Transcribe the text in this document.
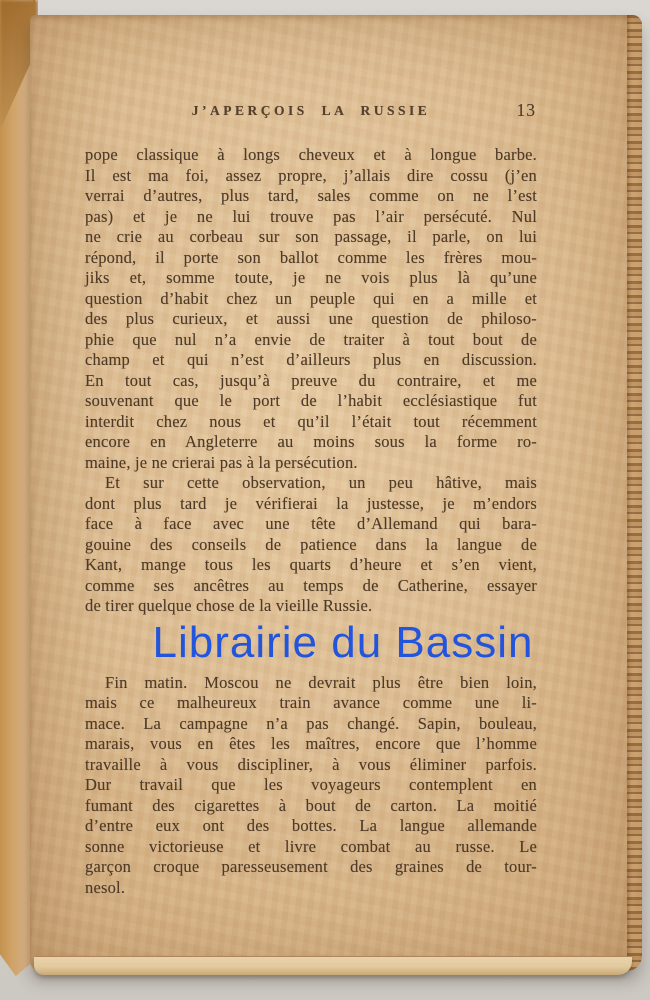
J’APERÇOIS LA RUSSIE	13
pope classique à longs cheveux et à longue barbe.
Il est ma foi, assez propre, j’allais dire cossu (j’en
verrai d’autres, plus tard, sales comme on ne l’est
pas) et je ne lui trouve pas l’air persécuté. Nul
ne crie au corbeau sur son passage, il parle, on lui
répond, il porte son ballot comme les frères mou-
jiks et, somme toute, je ne vois plus là qu’une
question d’habit chez un peuple qui en a mille et
des plus curieux, et aussi une question de philoso-
phie que nul n’a envie de traiter à tout bout de
champ et qui n’est d’ailleurs plus en discussion.
En tout cas, jusqu’à preuve du contraire, et me
souvenant que le port de l’habit ecclésiastique fut
interdit chez nous et qu’il l’était tout récemment
encore en Angleterre au moins sous la forme ro-
maine, je ne crierai pas à la persécution.
Et sur cette observation, un peu hâtive, mais
dont plus tard je vérifierai la justesse, je m’endors
face à face avec une tête d’Allemand qui bara-
gouine des conseils de patience dans la langue de
Kant, mange tous les quarts d’heure et s’en vient,
comme ses ancêtres au temps de Catherine, essayer
de tirer quelque chose de la vieille Russie.
Librairie du Bassin
Fin matin. Moscou ne devrait plus être bien loin,
mais ce malheureux train avance comme une li-
mace. La campagne n’a pas changé. Sapin, bouleau,
marais, vous en êtes les maîtres, encore que l’homme
travaille à vous discipliner, à vous éliminer parfois.
Dur travail que les voyageurs contemplent en
fumant des cigarettes à bout de carton. La moitié
d’entre eux ont des bottes. La langue allemande
sonne victorieuse et livre combat au russe. Le
garçon croque paresseusement des graines de tour-
nesol.
